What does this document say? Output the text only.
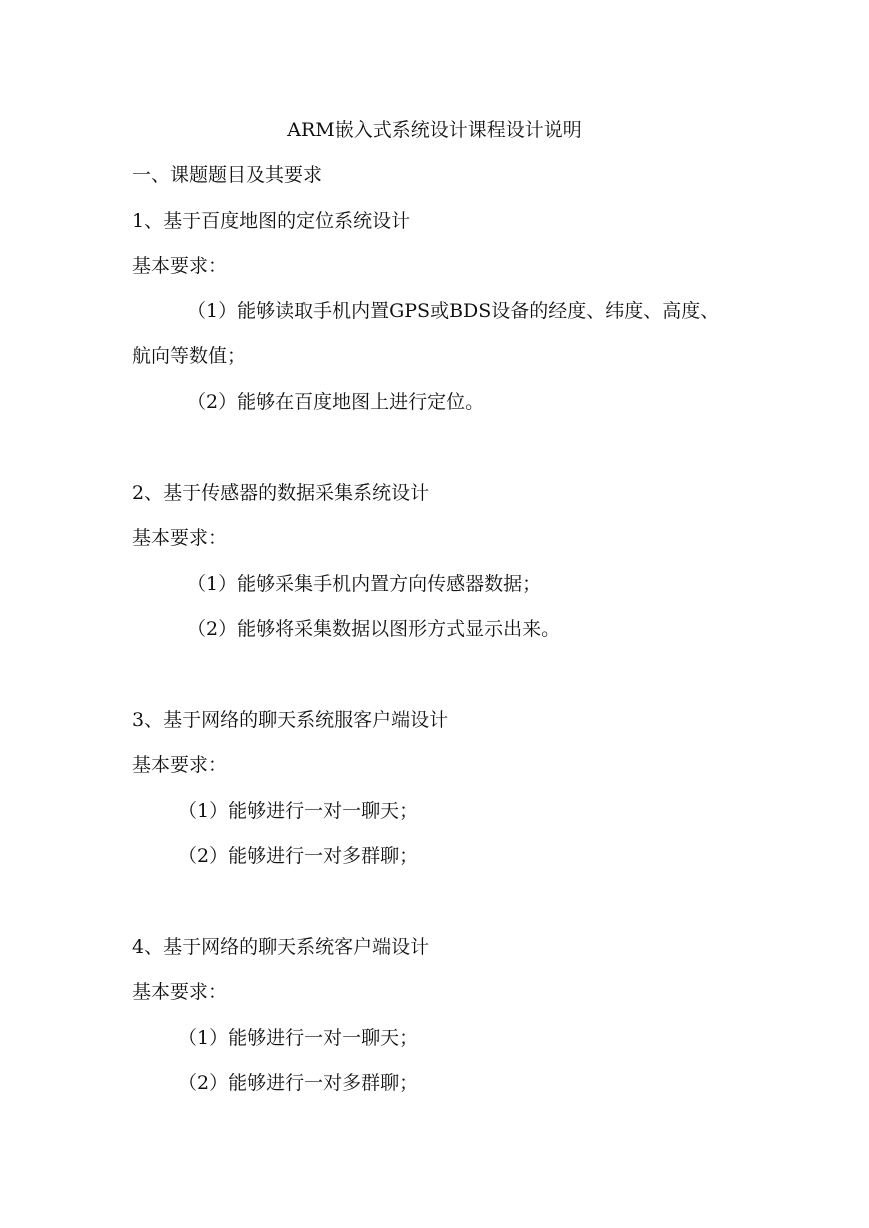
ARM嵌入式系统设计课程设计说明
一、课题题目及其要求
1、基于百度地图的定位系统设计
基本要求：
（1）能够读取手机内置GPS或BDS设备的经度、纬度、高度、
航向等数值；
（2）能够在百度地图上进行定位。
2、基于传感器的数据采集系统设计
基本要求：
（1）能够采集手机内置方向传感器数据；
（2）能够将采集数据以图形方式显示出来。
3、基于网络的聊天系统服客户端设计
基本要求：
（1）能够进行一对一聊天；
（2）能够进行一对多群聊；
4、基于网络的聊天系统客户端设计
基本要求：
（1）能够进行一对一聊天；
（2）能够进行一对多群聊；
